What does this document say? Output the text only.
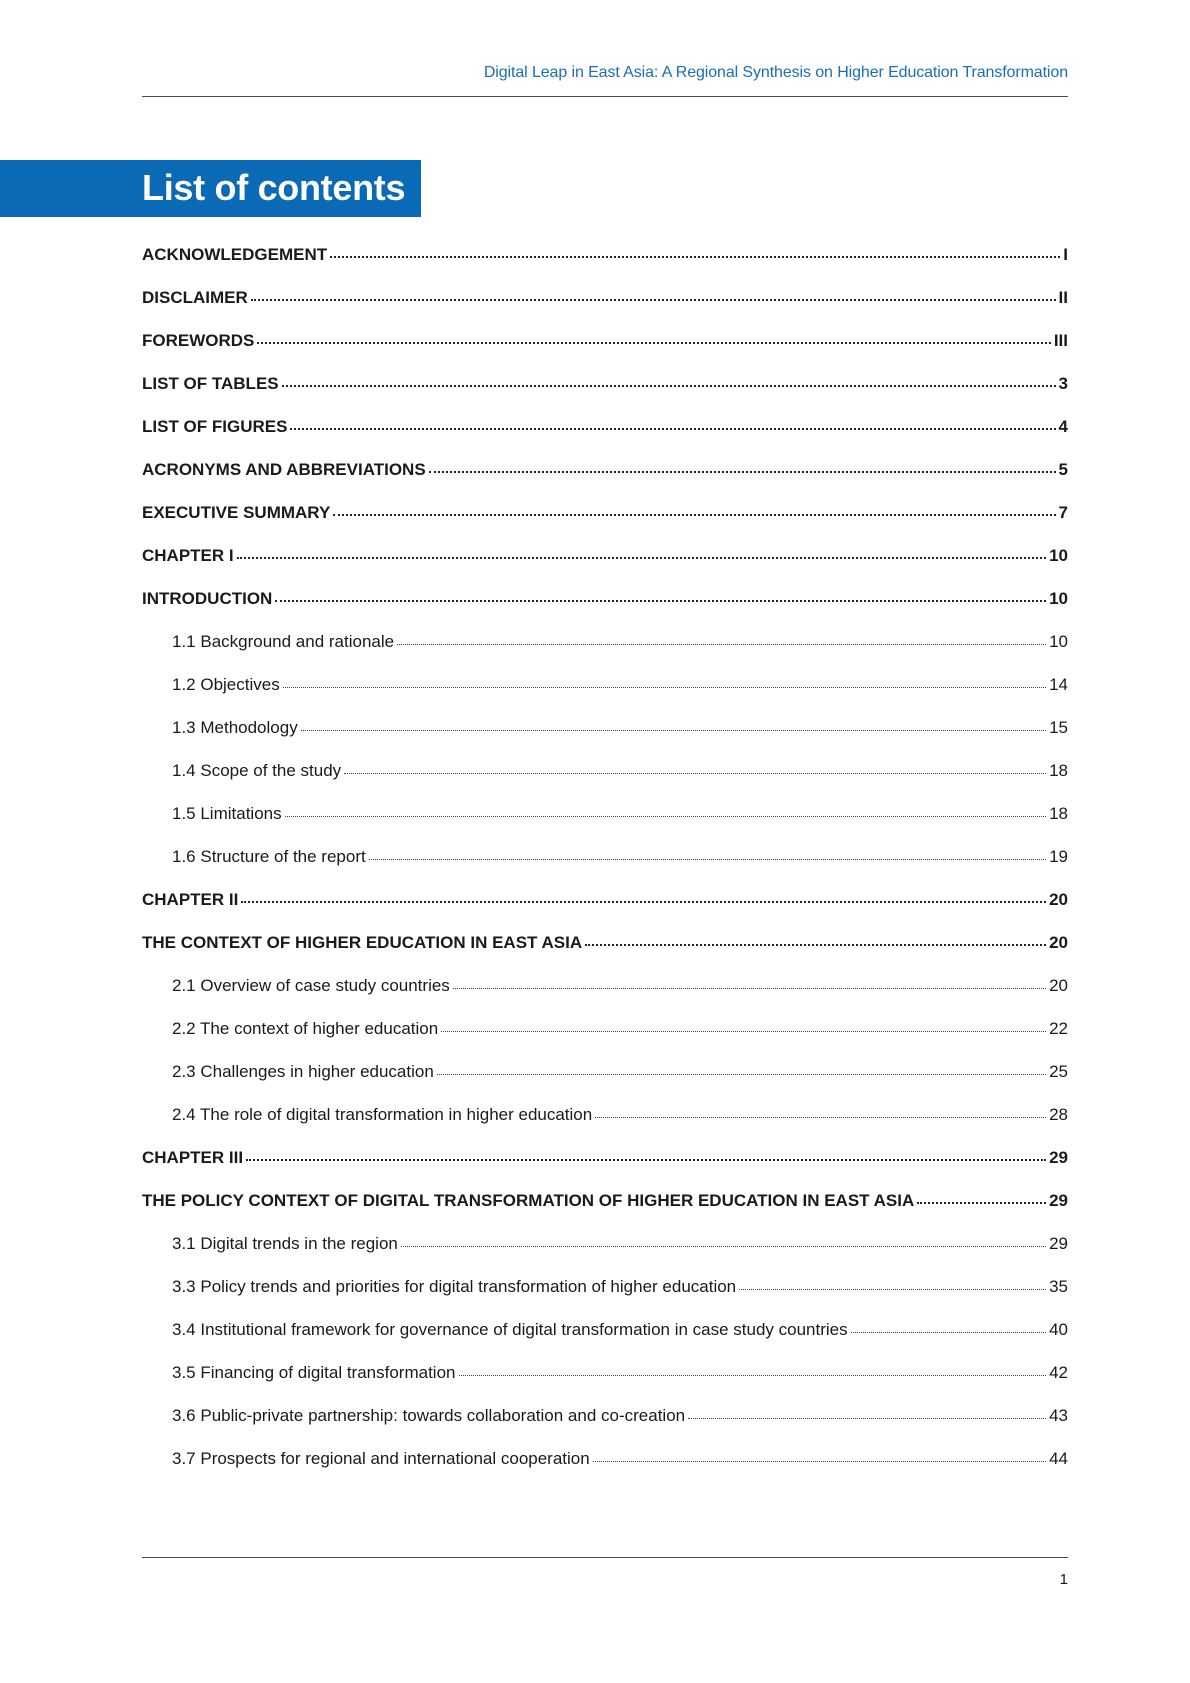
Digital Leap in East Asia: A Regional Synthesis on Higher Education Transformation
List of contents
ACKNOWLEDGEMENT	I
DISCLAIMER	II
FOREWORDS	III
LIST OF TABLES	3
LIST OF FIGURES	4
ACRONYMS AND ABBREVIATIONS	5
EXECUTIVE SUMMARY	7
CHAPTER I	10
INTRODUCTION	10
1.1 Background and rationale	10
1.2 Objectives	14
1.3 Methodology	15
1.4 Scope of the study	18
1.5 Limitations	18
1.6 Structure of the report	19
CHAPTER II	20
THE CONTEXT OF HIGHER EDUCATION IN EAST ASIA	20
2.1 Overview of case study countries	20
2.2 The context of higher education	22
2.3 Challenges in higher education	25
2.4 The role of digital transformation in higher education	28
CHAPTER III	29
THE POLICY CONTEXT OF DIGITAL TRANSFORMATION OF HIGHER EDUCATION IN EAST ASIA	29
3.1 Digital trends in the region	29
3.3 Policy trends and priorities for digital transformation of higher education	35
3.4 Institutional framework for governance of digital transformation in case study countries	40
3.5 Financing of digital transformation	42
3.6 Public-private partnership: towards collaboration and co-creation	43
3.7 Prospects for regional and international cooperation	44
1
